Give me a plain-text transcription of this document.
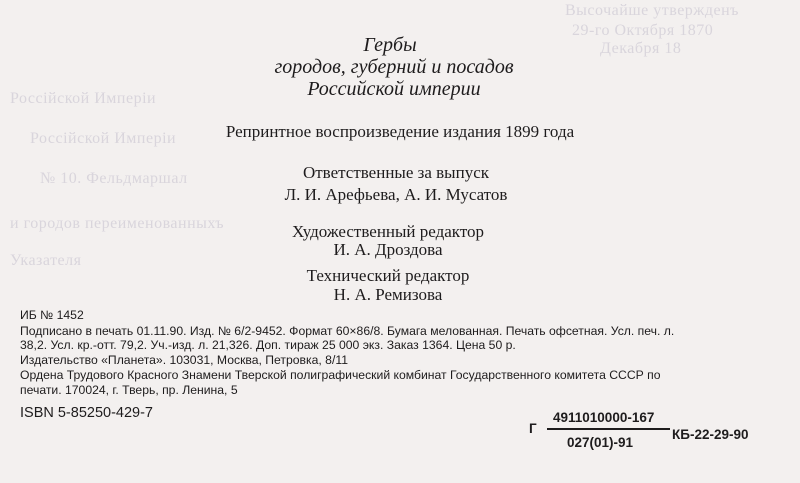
Высочайше утвержденъ
29-го Октября 1870
Декабря 18
Россійской Имперіи
Россійской Имперіи
№ 10. Фельдмаршал
и городов переименованныхъ
Указателя
Гербы
городов, губерний и посадов
Российской империи
Репринтное воспроизведение издания 1899 года
Ответственные за выпуск
Л. И. Арефьева, А. И. Мусатов
Художественный редактор
И. А. Дроздова
Технический редактор
Н. А. Ремизова
ИБ № 1452
Подписано в печать 01.11.90. Изд. № 6/2-9452. Формат 60×86/8. Бумага мелованная. Печать офсетная. Усл. печ. л.
38,2. Усл. кр.-отт. 79,2. Уч.-изд. л. 21,326. Доп. тираж 25 000 экз. Заказ 1364. Цена 50 р.
Издательство «Планета». 103031, Москва, Петровка, 8/11
Ордена Трудового Красного Знамени Тверской полиграфический комбинат Государственного комитета СССР по
печати. 170024, г. Тверь, пр. Ленина, 5
ISBN 5-85250-429-7
Г
4911010000-167
027(01)-91
КБ-22-29-90
